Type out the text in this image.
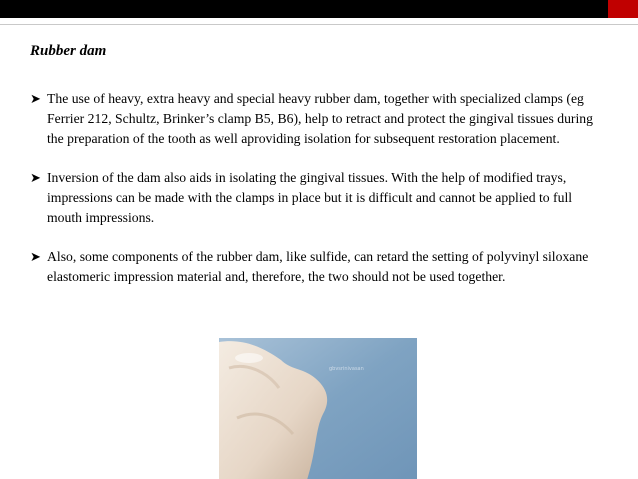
Rubber dam
➤ The use of heavy, extra heavy and special heavy rubber dam, together with specialized clamps (eg Ferrier 212, Schultz, Brinker’s clamp B5, B6), help to retract and protect the gingival tissues during the preparation of the tooth as well aproviding isolation for subsequent restoration placement.
➤ Inversion of the dam also aids in isolating the gingival tissues. With the help of modified trays, impressions can be made with the clamps in place but it is difficult and cannot be applied to full mouth impressions.
➤ Also, some components of the rubber dam, like sulfide, can retard the setting of polyvinyl siloxane elastomeric impression material and, therefore, the two should not be used together.
gbvsrinivasan
